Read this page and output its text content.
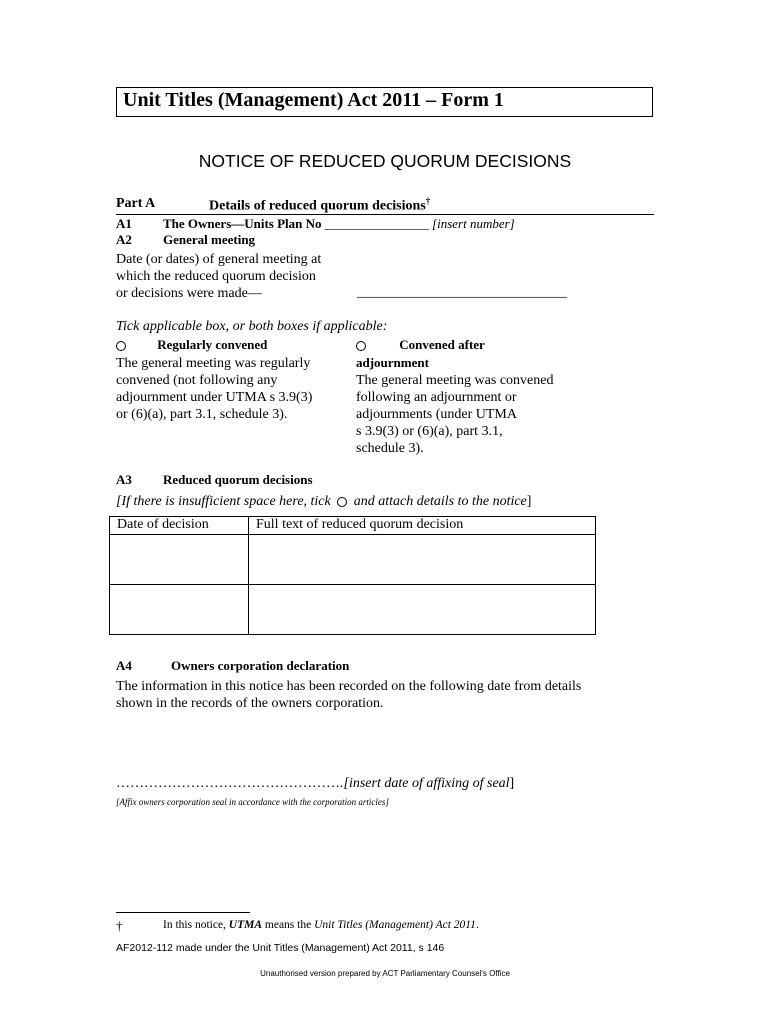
Unit Titles (Management) Act 2011 – Form 1
NOTICE OF REDUCED QUORUM DECISIONS
Part A	Details of reduced quorum decisions†
A1 The Owners—Units Plan No ________________ [insert number]
A2 General meeting
Date (or dates) of general meeting at
which the reduced quorum decision
or decisions were made—	______________________________
Tick applicable box, or both boxes if applicable:
Regularly convened
The general meeting was regularly
convened (not following any
adjournment under UTMA s 3.9(3)
or (6)(a), part 3.1, schedule 3).
Convened after
adjournment
The general meeting was convened
following an adjournment or
adjournments (under UTMA
s 3.9(3) or (6)(a), part 3.1,
schedule 3).
A3 Reduced quorum decisions
[If there is insufficient space here, tick and attach details to the notice]
Date of decision	Full text of reduced quorum decision

A4	Owners corporation declaration
The information in this notice has been recorded on the following date from details
shown in the records of the owners corporation.
………………………………………….[insert date of affixing of seal]
[Affix owners corporation seal in accordance with the corporation articles]
†	In this notice, UTMA means the Unit Titles (Management) Act 2011.
AF2012-112 made under the Unit Titles (Management) Act 2011, s 146
Unauthorised version prepared by ACT Parliamentary Counsel's Office
